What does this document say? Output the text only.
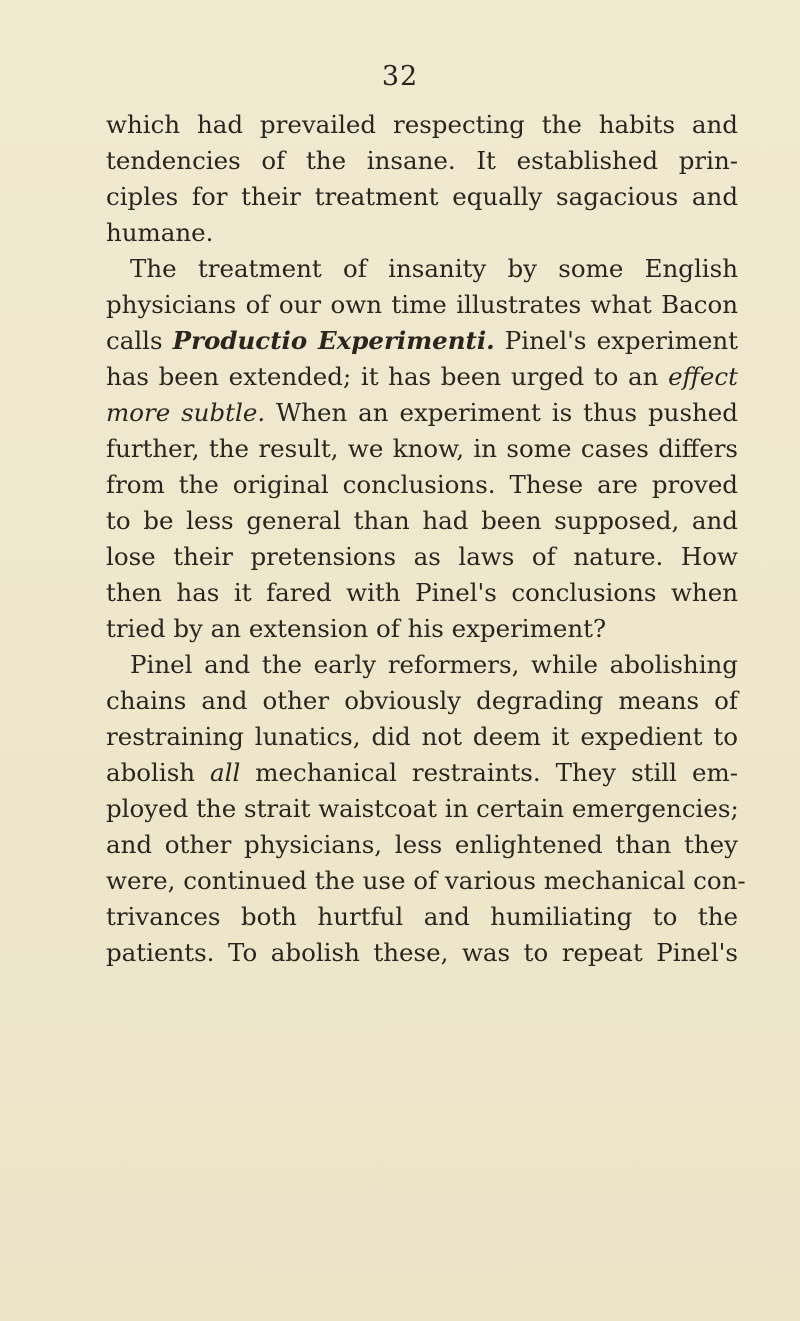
32
which had prevailed respecting the habits and
tendencies of the insane. It established prin-
ciples for their treatment equally sagacious and
humane.
The treatment of insanity by some English
physicians of our own time illustrates what Bacon
calls Productio Experimenti. Pinel's experiment
has been extended; it has been urged to an effect
more subtle. When an experiment is thus pushed
further, the result, we know, in some cases differs
from the original conclusions. These are proved
to be less general than had been supposed, and
lose their pretensions as laws of nature. How
then has it fared with Pinel's conclusions when
tried by an extension of his experiment?
Pinel and the early reformers, while abolishing
chains and other obviously degrading means of
restraining lunatics, did not deem it expedient to
abolish all mechanical restraints. They still em-
ployed the strait waistcoat in certain emergencies;
and other physicians, less enlightened than they
were, continued the use of various mechanical con-
trivances both hurtful and humiliating to the
patients. To abolish these, was to repeat Pinel's
